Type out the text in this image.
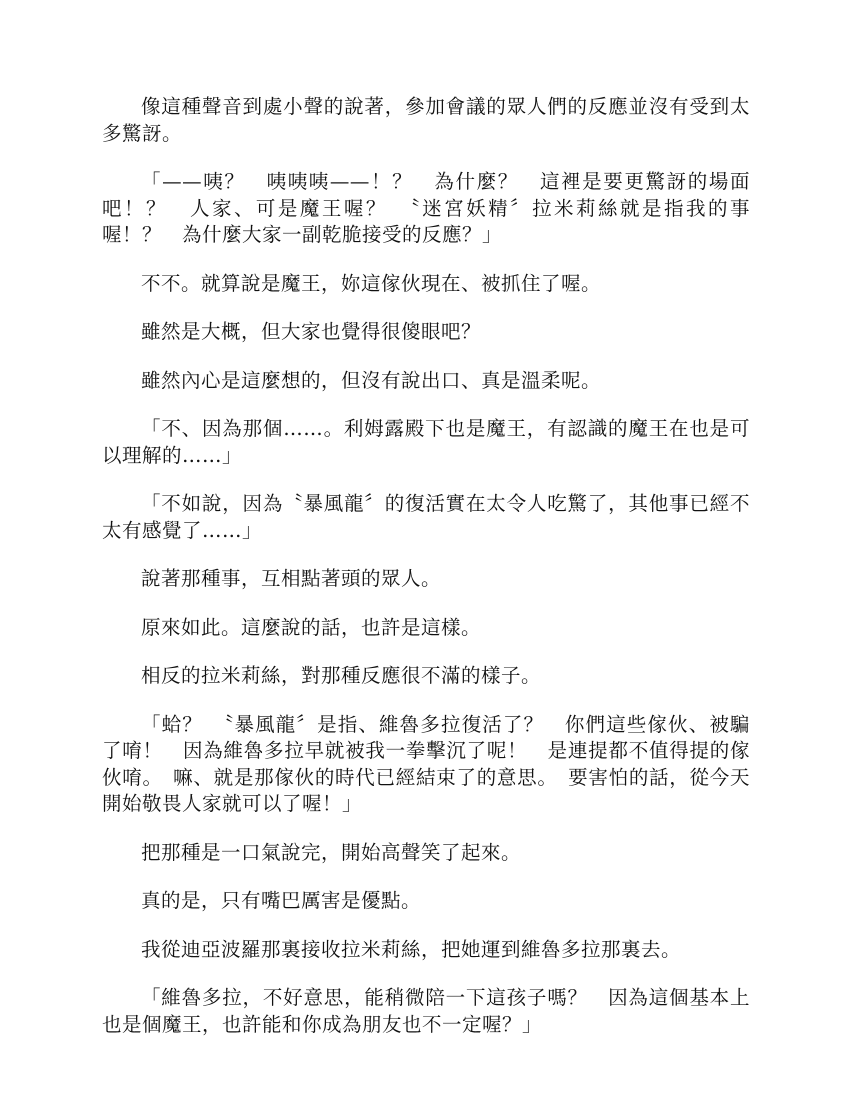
像這種聲音到處小聲的說著，參加會議的眾人們的反應並沒有受到太多驚訝。

「——咦？　咦咦咦——！？　為什麼？　這裡是要更驚訝的場面吧！？　人家、可是魔王喔？　〝迷宮妖精〞拉米莉絲就是指我的事喔！？　為什麼大家一副乾脆接受的反應？」

不不。就算說是魔王，妳這傢伙現在、被抓住了喔。

雖然是大概，但大家也覺得很傻眼吧？

雖然內心是這麼想的，但沒有說出口、真是溫柔呢。

「不、因為那個……。利姆露殿下也是魔王，有認識的魔王在也是可以理解的……」

「不如說，因為〝暴風龍〞的復活實在太令人吃驚了，其他事已經不太有感覺了……」

說著那種事，互相點著頭的眾人。

原來如此。這麼說的話，也許是這樣。

相反的拉米莉絲，對那種反應很不滿的樣子。

「蛤？　〝暴風龍〞是指、維魯多拉復活了？　你們這些傢伙、被騙了唷！　因為維魯多拉早就被我一拳擊沉了呢！　是連提都不值得提的傢伙唷。　嘛、就是那傢伙的時代已經結束了的意思。　要害怕的話，從今天開始敬畏人家就可以了喔！」

把那種是一口氣說完，開始高聲笑了起來。

真的是，只有嘴巴厲害是優點。

我從迪亞波羅那裏接收拉米莉絲，把她運到維魯多拉那裏去。

「維魯多拉，不好意思，能稍微陪一下這孩子嗎？　因為這個基本上也是個魔王，也許能和你成為朋友也不一定喔？」
